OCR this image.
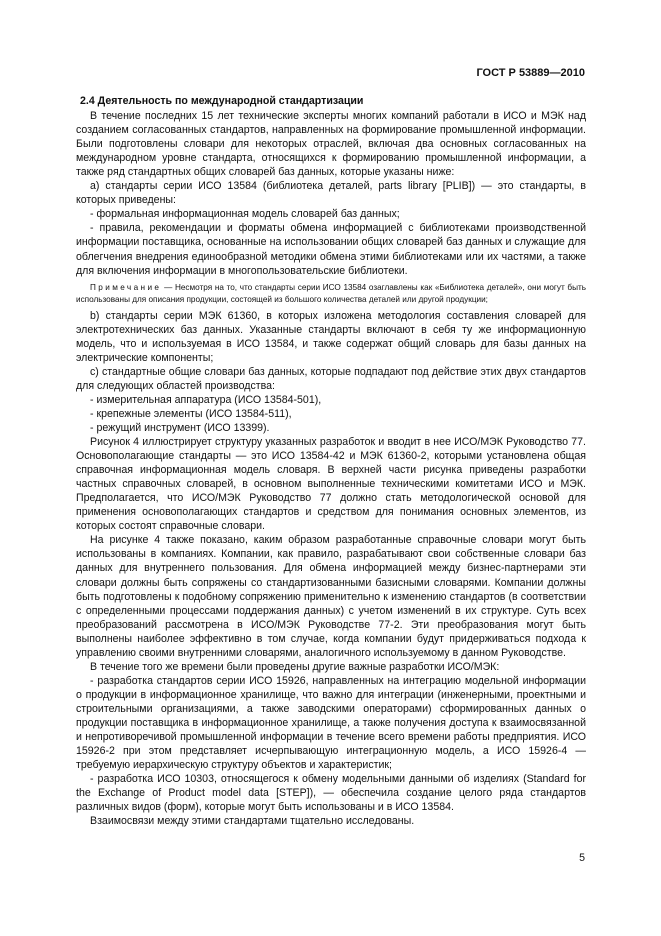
ГОСТ Р 53889—2010

2.4 Деятельность по международной стандартизации

В течение последних 15 лет технические эксперты многих компаний работали в ИСО и МЭК над созданием согласованных стандартов, направленных на формирование промышленной информации. Были подготовлены словари для некоторых отраслей, включая два основных согласованных на международном уровне стандарта, относящихся к формированию промышленной информации, а также ряд стандартных общих словарей баз данных, которые указаны ниже:

а) стандарты серии ИСО 13584 (библиотека деталей, parts library [PLIB]) — это стандарты, в которых приведены:

- формальная информационная модель словарей баз данных;

- правила, рекомендации и форматы обмена информацией с библиотеками производственной информации поставщика, основанные на использовании общих словарей баз данных и служащие для облегчения внедрения единообразной методики обмена этими библиотеками или их частями, а также для включения информации в многопользовательские библиотеки.

Примечание — Несмотря на то, что стандарты серии ИСО 13584 озаглавлены как «Библиотека деталей», они могут быть использованы для описания продукции, состоящей из большого количества деталей или другой продукции;

b) стандарты серии МЭК 61360, в которых изложена методология составления словарей для электротехнических баз данных. Указанные стандарты включают в себя ту же информационную модель, что и используемая в ИСО 13584, и также содержат общий словарь для базы данных на электрические компоненты;

с) стандартные общие словари баз данных, которые подпадают под действие этих двух стандартов для следующих областей производства:

- измерительная аппаратура (ИСО 13584-501),

- крепежные элементы (ИСО 13584-511),

- режущий инструмент (ИСО 13399).

Рисунок 4 иллюстрирует структуру указанных разработок и вводит в нее ИСО/МЭК Руководство 77. Основополагающие стандарты — это ИСО 13584-42 и МЭК 61360-2, которыми установлена общая справочная информационная модель словаря. В верхней части рисунка приведены разработки частных справочных словарей, в основном выполненные техническими комитетами ИСО и МЭК. Предполагается, что ИСО/МЭК Руководство 77 должно стать методологической основой для применения основополагающих стандартов и средством для понимания основных элементов, из которых состоят справочные словари.

На рисунке 4 также показано, каким образом разработанные справочные словари могут быть использованы в компаниях. Компании, как правило, разрабатывают свои собственные словари баз данных для внутреннего пользования. Для обмена информацией между бизнес-партнерами эти словари должны быть сопряжены со стандартизованными базисными словарями. Компании должны быть подготовлены к подобному сопряжению применительно к изменению стандартов (в соответствии с определенными процессами поддержания данных) с учетом изменений в их структуре. Суть всех преобразований рассмотрена в ИСО/МЭК Руководстве 77-2. Эти преобразования могут быть выполнены наиболее эффективно в том случае, когда компании будут придерживаться подхода к управлению своими внутренними словарями, аналогичного используемому в данном Руководстве.

В течение того же времени были проведены другие важные разработки ИСО/МЭК:

- разработка стандартов серии ИСО 15926, направленных на интеграцию модельной информации о продукции в информационное хранилище, что важно для интеграции (инженерными, проектными и строительными организациями, а также заводскими операторами) сформированных данных о продукции поставщика в информационное хранилище, а также получения доступа к взаимосвязанной и непротиворечивой промышленной информации в течение всего времени работы предприятия. ИСО 15926-2 при этом представляет исчерпывающую интеграционную модель, а ИСО 15926-4 — требуемую иерархическую структуру объектов и характеристик;

- разработка ИСО 10303, относящегося к обмену модельными данными об изделиях (Standard for the Exchange of Product model data [STEP]), — обеспечила создание целого ряда стандартов различных видов (форм), которые могут быть использованы и в ИСО 13584.

Взаимосвязи между этими стандартами тщательно исследованы.

5
